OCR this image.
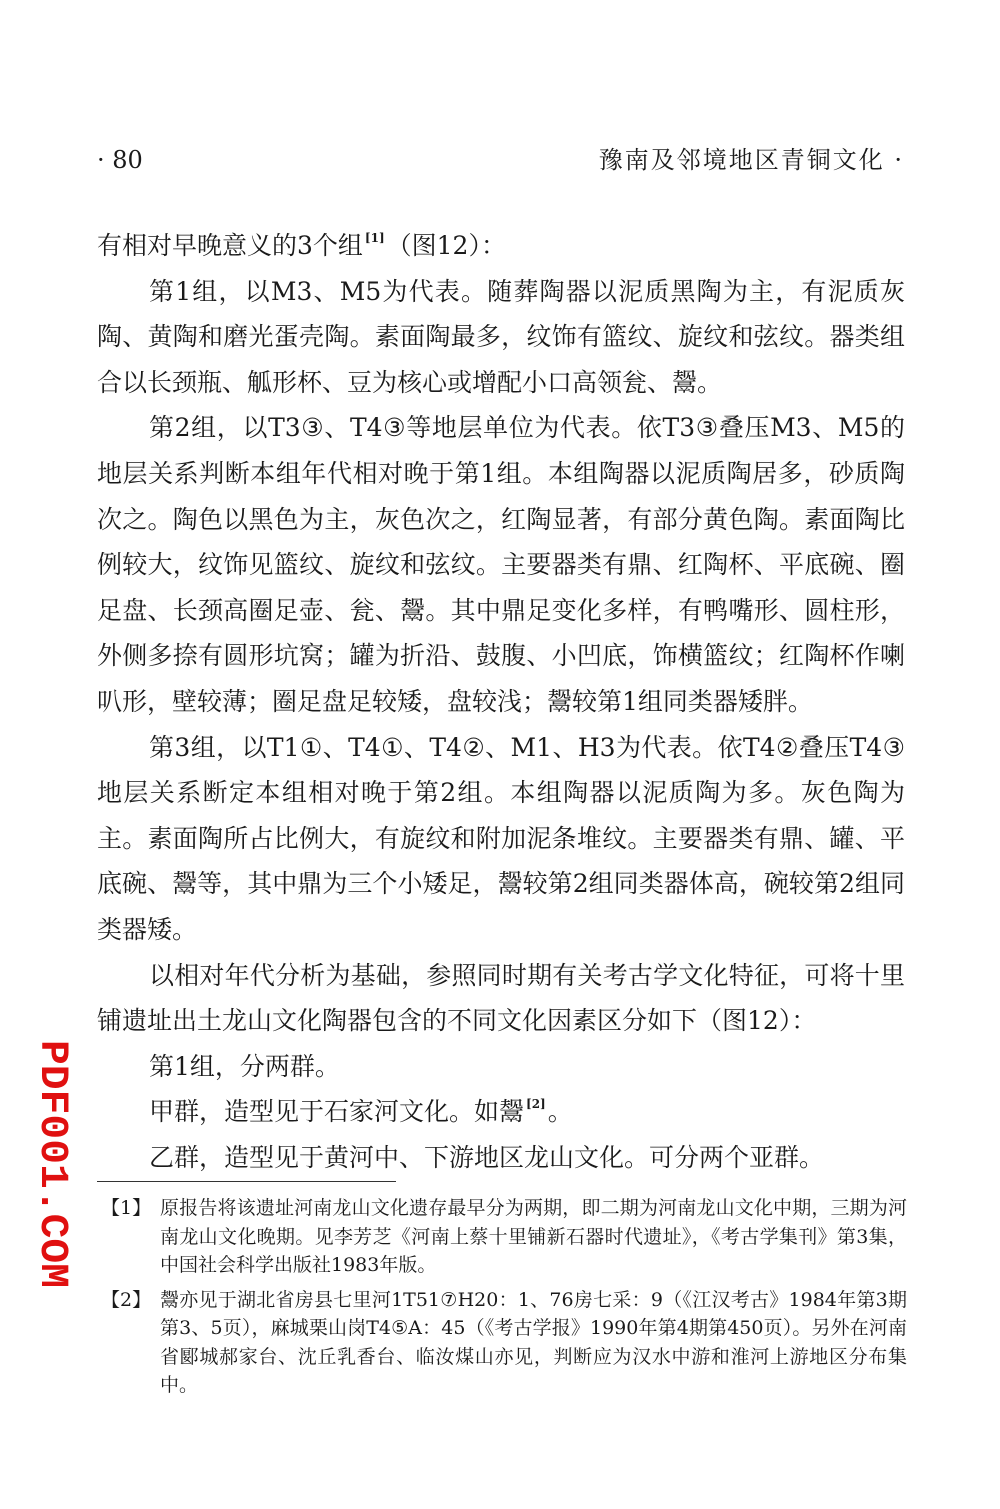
· 80	豫南及邻境地区青铜文化 ·

有相对早晚意义的3个组 [1]（图12）：

第1组，以M3、M5为代表。随葬陶器以泥质黑陶为主，有泥质灰陶、黄陶和磨光蛋壳陶。素面陶最多，纹饰有篮纹、旋纹和弦纹。器类组合以长颈瓶、觚形杯、豆为核心或增配小口高领瓮、鬶。

第2组，以T3③、T4③等地层单位为代表。依T3③叠压M3、M5的地层关系判断本组年代相对晚于第1组。本组陶器以泥质陶居多，砂质陶次之。陶色以黑色为主，灰色次之，红陶显著，有部分黄色陶。素面陶比例较大，纹饰见篮纹、旋纹和弦纹。主要器类有鼎、红陶杯、平底碗、圈足盘、长颈高圈足壶、瓮、鬶。其中鼎足变化多样，有鸭嘴形、圆柱形，外侧多捺有圆形坑窝；罐为折沿、鼓腹、小凹底，饰横篮纹；红陶杯作喇叭形，壁较薄；圈足盘足较矮，盘较浅；鬶较第1组同类器矮胖。

第3组，以T1①、T4①、T4②、M1、H3为代表。依T4②叠压T4③地层关系断定本组相对晚于第2组。本组陶器以泥质陶为多。灰色陶为主。素面陶所占比例大，有旋纹和附加泥条堆纹。主要器类有鼎、罐、平底碗、鬶等，其中鼎为三个小矮足，鬶较第2组同类器体高，碗较第2组同类器矮。

以相对年代分析为基础，参照同时期有关考古学文化特征，可将十里铺遗址出土龙山文化陶器包含的不同文化因素区分如下（图12）：

第1组，分两群。

甲群，造型见于石家河文化。如鬶 [2]。

乙群，造型见于黄河中、下游地区龙山文化。可分两个亚群。

【1】 原报告将该遗址河南龙山文化遗存最早分为两期，即二期为河南龙山文化中期，三期为河南龙山文化晚期。见李芳芝《河南上蔡十里铺新石器时代遗址》，《考古学集刊》第3集，中国社会科学出版社1983年版。
【2】 鬶亦见于湖北省房县七里河1T51⑦H20：1、76房七采：9（《江汉考古》1984年第3期第3、5页），麻城栗山岗T4⑤A：45（《考古学报》1990年第4期第450页）。另外在河南省郾城郝家台、沈丘乳香台、临汝煤山亦见，判断应为汉水中游和淮河上游地区分布集中。
PDF001.COM
